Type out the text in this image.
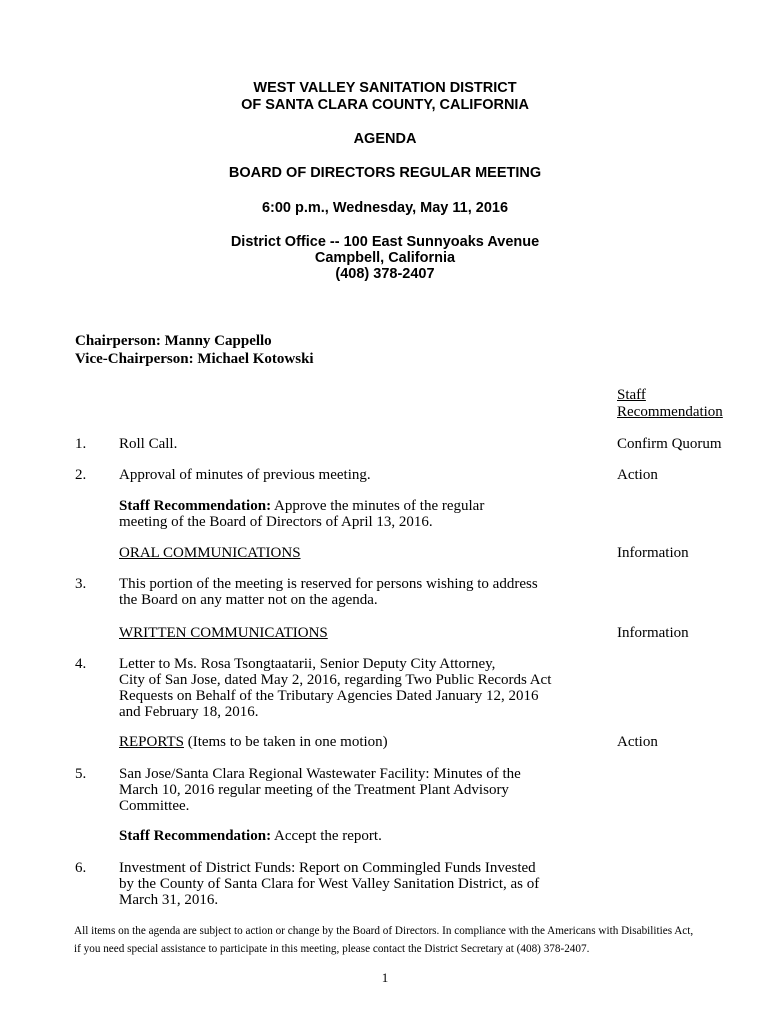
WEST VALLEY SANITATION DISTRICT
OF SANTA CLARA COUNTY, CALIFORNIA
AGENDA
BOARD OF DIRECTORS REGULAR MEETING
6:00 p.m., Wednesday, May 11, 2016
District Office -- 100 East Sunnyoaks Avenue
Campbell, California
(408) 378-2407
Chairperson: Manny Cappello
Vice-Chairperson: Michael Kotowski
Staff
Recommendation
1. Roll Call.	Confirm Quorum
2. Approval of minutes of previous meeting.	Action
Staff Recommendation: Approve the minutes of the regular
meeting of the Board of Directors of April 13, 2016.
ORAL COMMUNICATIONS	Information
3. This portion of the meeting is reserved for persons wishing to address
the Board on any matter not on the agenda.
WRITTEN COMMUNICATIONS	Information
4. Letter to Ms. Rosa Tsongtaatarii, Senior Deputy City Attorney,
City of San Jose, dated May 2, 2016, regarding Two Public Records Act
Requests on Behalf of the Tributary Agencies Dated January 12, 2016
and February 18, 2016.
REPORTS (Items to be taken in one motion)	Action
5. San Jose/Santa Clara Regional Wastewater Facility: Minutes of the
March 10, 2016 regular meeting of the Treatment Plant Advisory
Committee.
Staff Recommendation: Accept the report.
6. Investment of District Funds: Report on Commingled Funds Invested
by the County of Santa Clara for West Valley Sanitation District, as of
March 31, 2016.
All items on the agenda are subject to action or change by the Board of Directors. In compliance with the Americans with Disabilities Act,
if you need special assistance to participate in this meeting, please contact the District Secretary at (408) 378-2407.
1
